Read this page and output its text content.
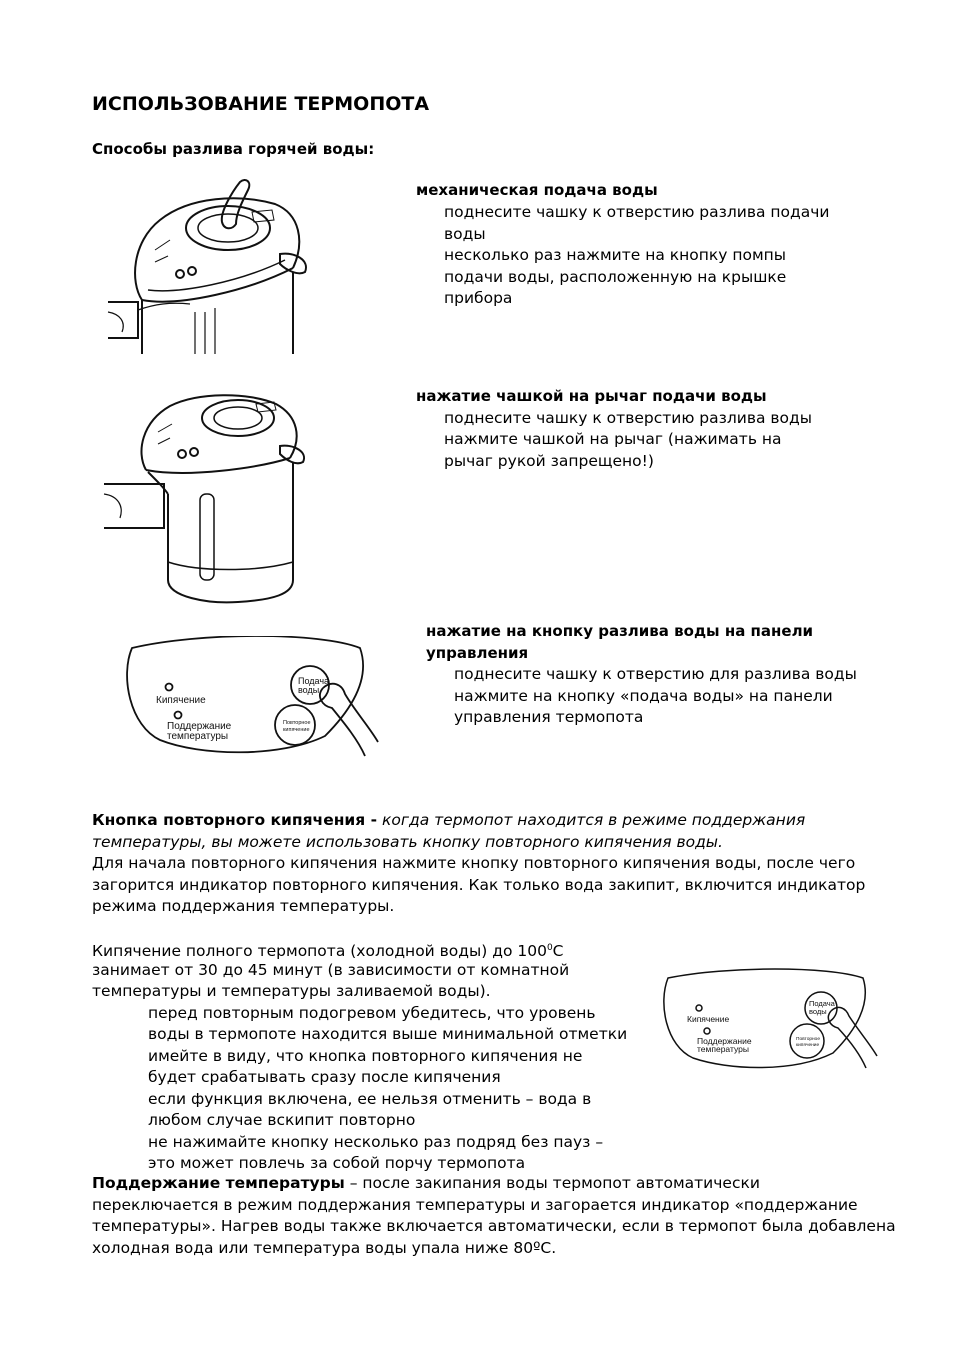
ИСПОЛЬЗОВАНИЕ ТЕРМОПОТА
Способы разлива горячей воды:
механическая подача воды
поднесите чашку к отверстию разлива подачи
воды
несколько раз нажмите на кнопку помпы
подачи воды, расположенную на крышке
прибора
нажатие чашкой на рычаг подачи воды
поднесите чашку к отверстию разлива воды
нажмите чашкой на рычаг (нажимать на
рычаг рукой запрещено!)
Кипячение
Поддержание
температуры
Подача
воды
Повторное
кипячение
нажатие на кнопку разлива воды на панели
управления
поднесите чашку к отверстию для разлива воды
нажмите на кнопку «подача воды» на панели
управления термопота
Кнопка повторного кипячения - когда термопот находится в режиме поддержания
температуры, вы можете использовать кнопку повторного кипячения воды.
Для начала повторного кипячения нажмите кнопку повторного кипячения воды, после чего
загорится индикатор повторного кипячения. Как только вода закипит, включится индикатор
режима поддержания температуры.
Кипячение полного термопота (холодной воды) до $100^0С$
занимает от 30 до 45 минут (в зависимости от комнатной
температуры и температуры заливаемой воды).
перед повторным подогревом убедитесь, что уровень
воды в термопоте находится выше минимальной отметки
имейте в виду, что кнопка повторного кипячения не
будет срабатывать сразу после кипячения
если функция включена, ее нельзя отменить – вода в
любом случае вскипит повторно
не нажимайте кнопку несколько раз подряд без пауз –
это может повлечь за собой порчу термопота
Кипячение
Поддержание
температуры
Подача
воды
Повторное
кипячение
Поддержание температуры – после закипания воды термопот автоматически
переключается в режим поддержания температуры и загорается индикатор «поддержание
температуры». Нагрев воды также включается автоматически, если в термопот была добавлена
холодная вода или температура воды упала ниже 80ºС.
